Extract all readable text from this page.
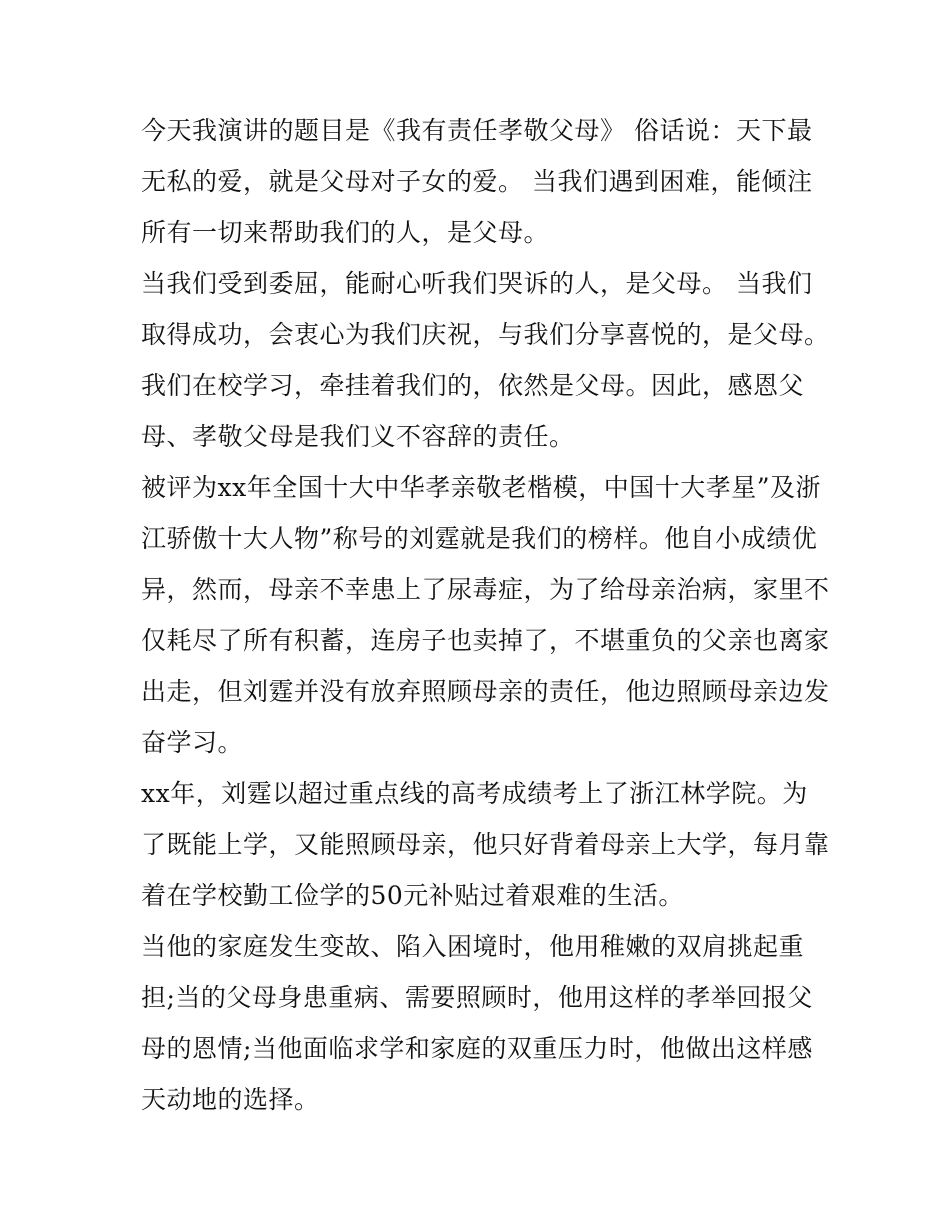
今天我演讲的题目是《我有责任孝敬父母》 俗话说：天下最
无私的爱，就是父母对子女的爱。 当我们遇到困难，能倾注
所有一切来帮助我们的人，是父母。
当我们受到委屈，能耐心听我们哭诉的人，是父母。 当我们
取得成功，会衷心为我们庆祝，与我们分享喜悦的，是父母。
我们在校学习，牵挂着我们的，依然是父母。因此，感恩父
母、孝敬父母是我们义不容辞的责任。
被评为xx年全国十大中华孝亲敬老楷模，中国十大孝星”及浙
江骄傲十大人物”称号的刘霆就是我们的榜样。他自小成绩优
异，然而，母亲不幸患上了尿毒症，为了给母亲治病，家里不
仅耗尽了所有积蓄，连房子也卖掉了，不堪重负的父亲也离家
出走，但刘霆并没有放弃照顾母亲的责任，他边照顾母亲边发
奋学习。
xx年，刘霆以超过重点线的高考成绩考上了浙江林学院。为
了既能上学，又能照顾母亲，他只好背着母亲上大学，每月靠
着在学校勤工俭学的50元补贴过着艰难的生活。
当他的家庭发生变故、陷入困境时，他用稚嫩的双肩挑起重
担;当的父母身患重病、需要照顾时，他用这样的孝举回报父
母的恩情;当他面临求学和家庭的双重压力时，他做出这样感
天动地的选择。
